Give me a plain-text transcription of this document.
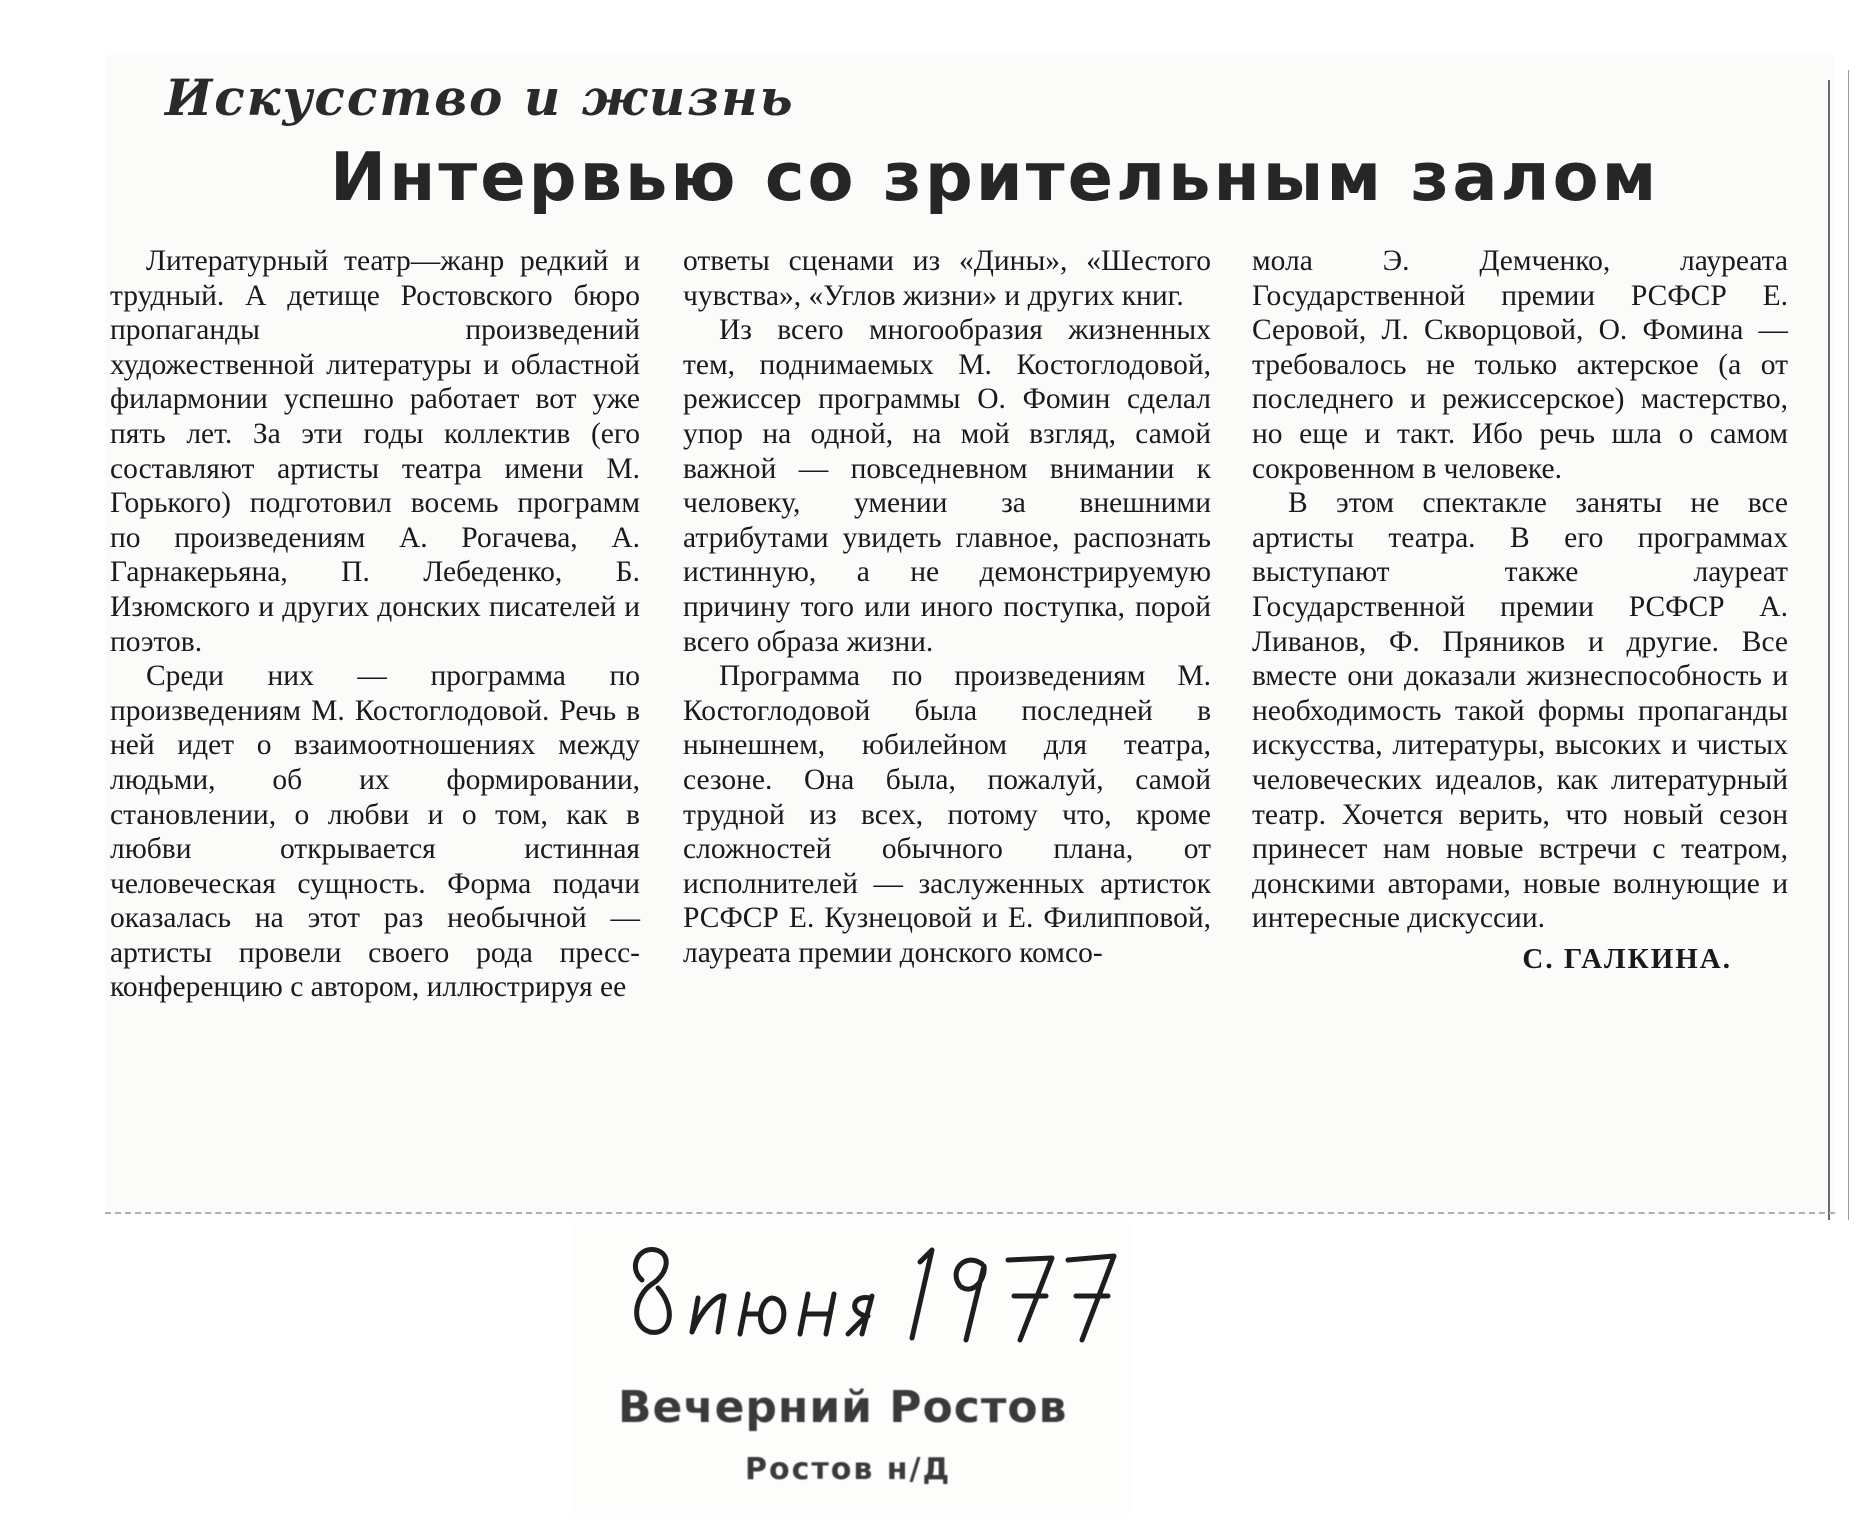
Искусство и жизнь
Интервью со зрительным залом

Литературный театр—жанр редкий и трудный. А детище Ростовского бюро пропаганды произведений художественной литературы и областной филармонии успешно работает вот уже пять лет. За эти годы коллектив (его составляют артисты театра имени М. Горького) подготовил восемь программ по произведениям А. Рогачева, А. Гарнакерьяна, П. Лебеденко, Б. Изюмского и других донских писателей и поэтов.

Среди них — программа по произведениям М. Костоглодовой. Речь в ней идет о взаимоотношениях между людьми, об их формировании, становлении, о любви и о том, как в любви открывается истинная человеческая сущность. Форма подачи оказалась на этот раз необычной — артисты провели своего рода пресс-конференцию с автором, иллюстрируя ее

ответы сценами из «Дины», «Шестого чувства», «Углов жизни» и других книг.

Из всего многообразия жизненных тем, поднимаемых М. Костоглодовой, режиссер программы О. Фомин сделал упор на одной, на мой взгляд, самой важной — повседневном внимании к человеку, умении за внешними атрибутами увидеть главное, распознать истинную, а не демонстрируемую причину того или иного поступка, порой всего образа жизни.

Программа по произведениям М. Костоглодовой была последней в нынешнем, юбилейном для театра, сезоне. Она была, пожалуй, самой трудной из всех, потому что, кроме сложностей обычного плана, от исполнителей — заслуженных артисток РСФСР Е. Кузнецовой и Е. Филипповой, лауреата премии донского комсо-

мола Э. Демченко, лауреата Государственной премии РСФСР Е. Серовой, Л. Скворцовой, О. Фомина — требовалось не только актерское (а от последнего и режиссерское) мастерство, но еще и такт. Ибо речь шла о самом сокровенном в человеке.

В этом спектакле заняты не все артисты театра. В его программах выступают также лауреат Государственной премии РСФСР А. Ливанов, Ф. Пряников и другие. Все вместе они доказали жизнеспособность и необходимость такой формы пропаганды искусства, литературы, высоких и чистых человеческих идеалов, как литературный театр. Хочется верить, что новый сезон принесет нам новые встречи с театром, донскими авторами, новые волнующие и интересные дискуссии.

С. ГАЛКИНА.
Вечерний Ростов
Ростов н/Д
